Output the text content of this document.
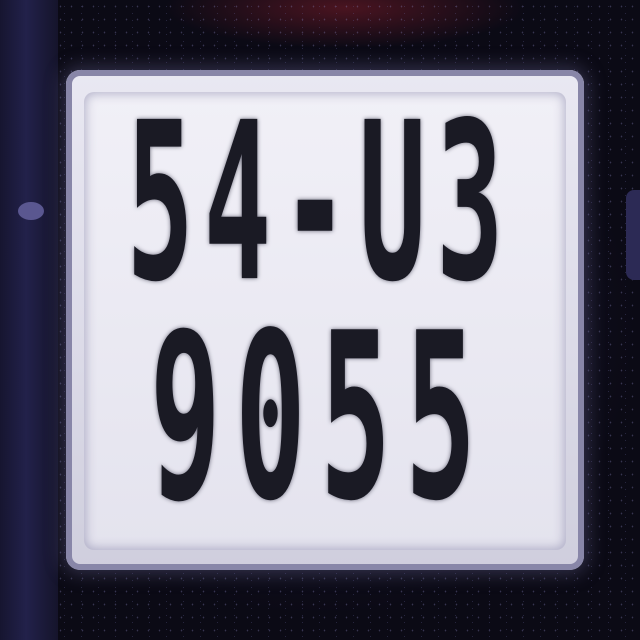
54-U3
9055
